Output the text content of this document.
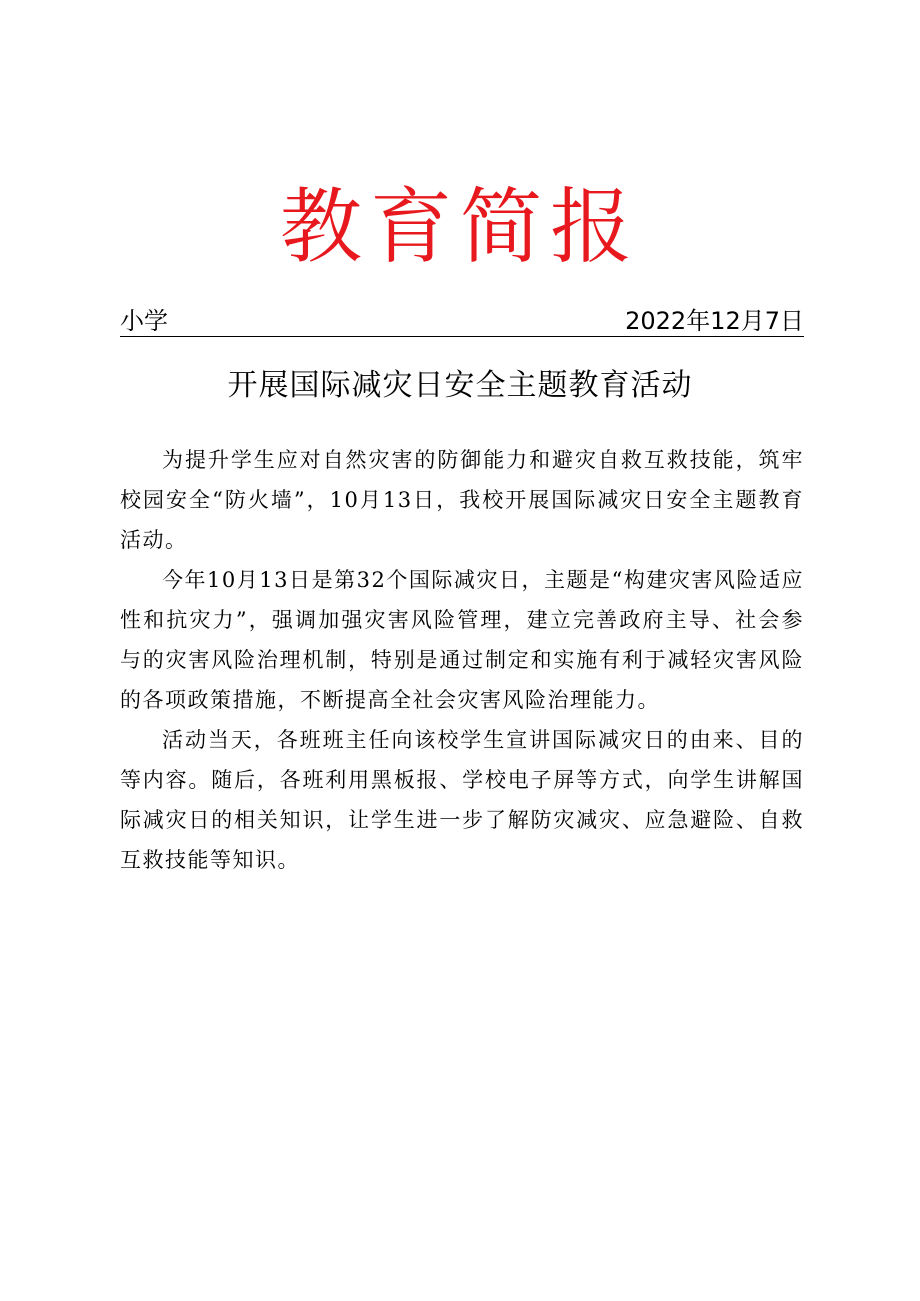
教育简报
小学	2022年12月7日
开展国际减灾日安全主题教育活动

为提升学生应对自然灾害的防御能力和避灾自救互救技能，筑牢校园安全“防火墙”，10月13日，我校开展国际减灾日安全主题教育活动。

今年10月13日是第32个国际减灾日，主题是“构建灾害风险适应性和抗灾力”，强调加强灾害风险管理，建立完善政府主导、社会参与的灾害风险治理机制，特别是通过制定和实施有利于减轻灾害风险的各项政策措施，不断提高全社会灾害风险治理能力。

活动当天，各班班主任向该校学生宣讲国际减灾日的由来、目的等内容。随后，各班利用黑板报、学校电子屏等方式，向学生讲解国际减灾日的相关知识，让学生进一步了解防灾减灾、应急避险、自救互救技能等知识。
